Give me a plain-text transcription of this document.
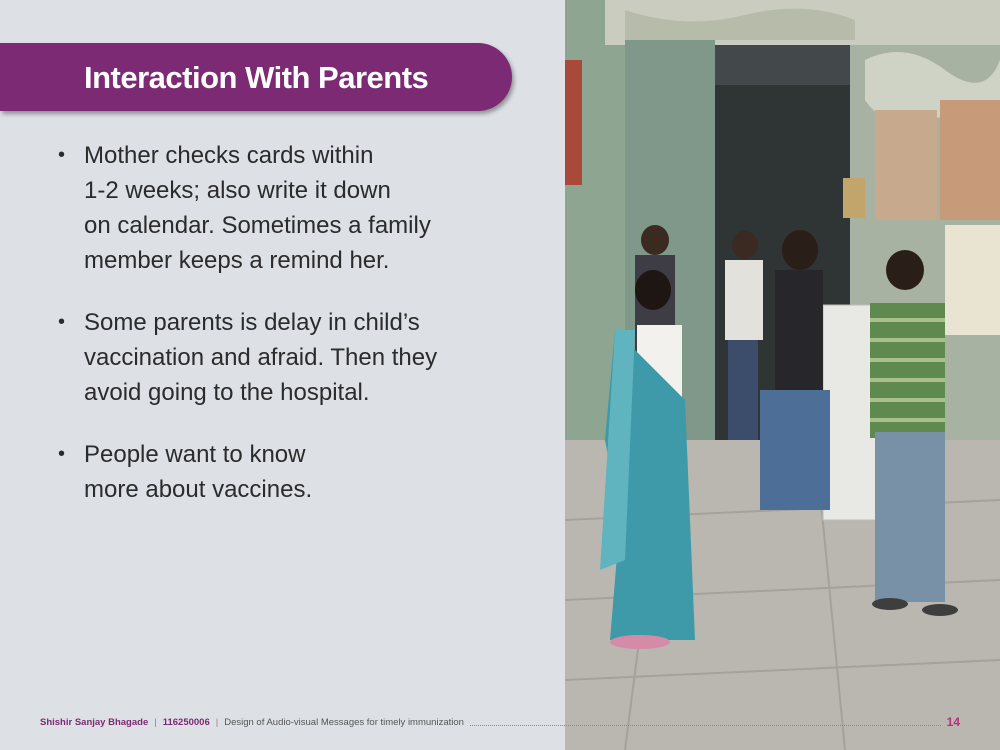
Interaction With Parents
• Mother checks cards within
1-2 weeks; also write it down
on calendar. Sometimes a family
member keeps a remind her.
• Some parents is delay in child’s
vaccination and afraid. Then they
avoid going to the hospital.
• People want to know
more about vaccines.
Shishir Sanjay Bhagade | 116250006 | Design of Audio-visual Messages for timely immunization	14
